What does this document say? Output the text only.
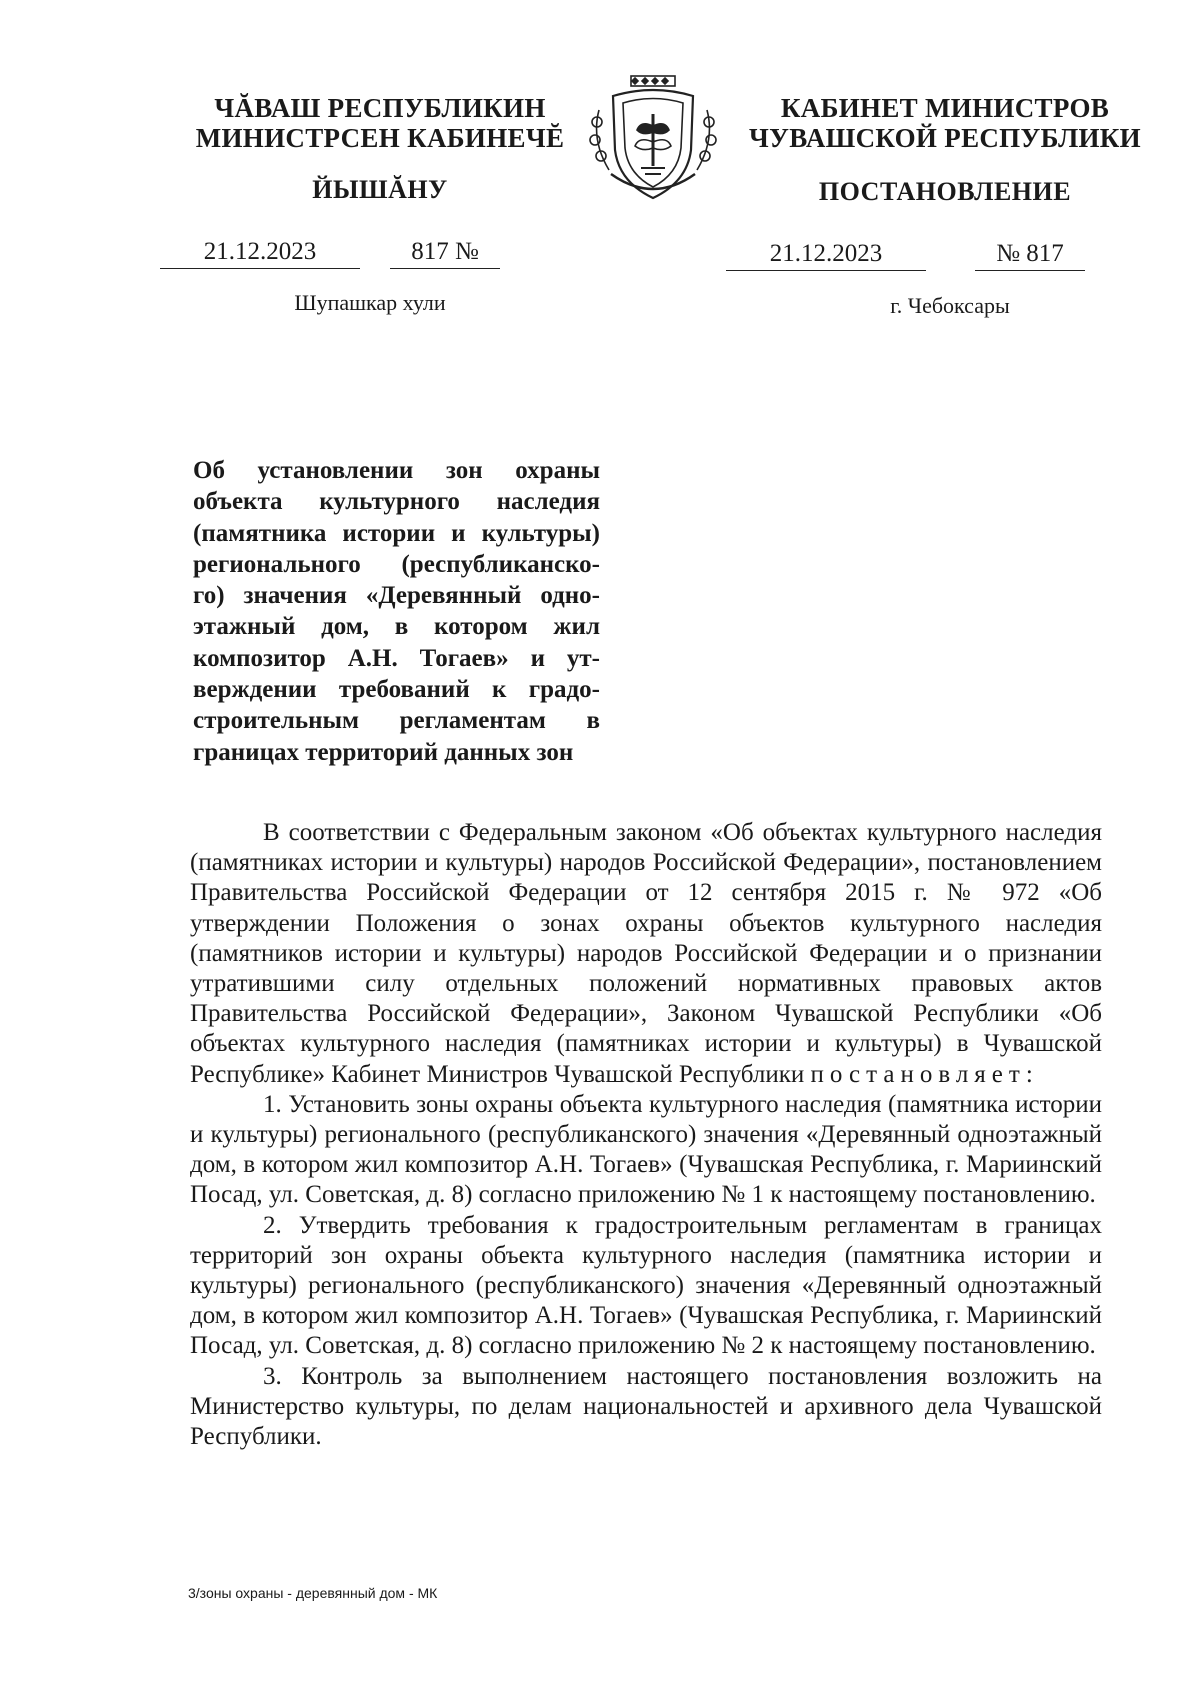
ЧĂВАШ РЕСПУБЛИКИН
МИНИСТРСЕН КАБИНЕЧĔ
ЙЫШĂНУ
21.12.2023	817 №
Шупашкар хули
КАБИНЕТ МИНИСТРОВ
ЧУВАШСКОЙ РЕСПУБЛИКИ
ПОСТАНОВЛЕНИЕ
21.12.2023	№ 817
г. Чебоксары
Об установлении зон охраны
объекта культурного наследия
(памятника истории и культуры)
регионального (республиканско-
го) значения «Деревянный одно-
этажный дом, в котором жил
композитор А.Н. Тогаев» и ут-
верждении требований к градо-
строительным регламентам в
границах территорий данных зон

В соответствии с Федеральным законом «Об объектах культурного наследия (памятниках истории и культуры) народов Российской Федерации», постановлением Правительства Российской Федерации от 12 сентября 2015 г. № 972 «Об утверждении Положения о зонах охраны объектов культурного наследия (памятников истории и культуры) народов Российской Федерации и о признании утратившими силу отдельных положений нормативных правовых актов Правительства Российской Федерации», Законом Чувашской Республики «Об объектах культурного наследия (памятниках истории и культуры) в Чувашской Республике» Кабинет Министров Чувашской Республики постановляет:

1. Установить зоны охраны объекта культурного наследия (памятника истории и культуры) регионального (республиканского) значения «Деревянный одноэтажный дом, в котором жил композитор А.Н. Тогаев» (Чувашская Республика, г. Мариинский Посад, ул. Советская, д. 8) согласно приложению № 1 к настоящему постановлению.

2. Утвердить требования к градостроительным регламентам в границах территорий зон охраны объекта культурного наследия (памятника истории и культуры) регионального (республиканского) значения «Деревянный одноэтажный дом, в котором жил композитор А.Н. Тогаев» (Чувашская Республика, г. Мариинский Посад, ул. Советская, д. 8) согласно приложению № 2 к настоящему постановлению.

3. Контроль за выполнением настоящего постановления возложить на Министерство культуры, по делам национальностей и архивного дела Чувашской Республики.

3/зоны охраны - деревянный дом - МК
